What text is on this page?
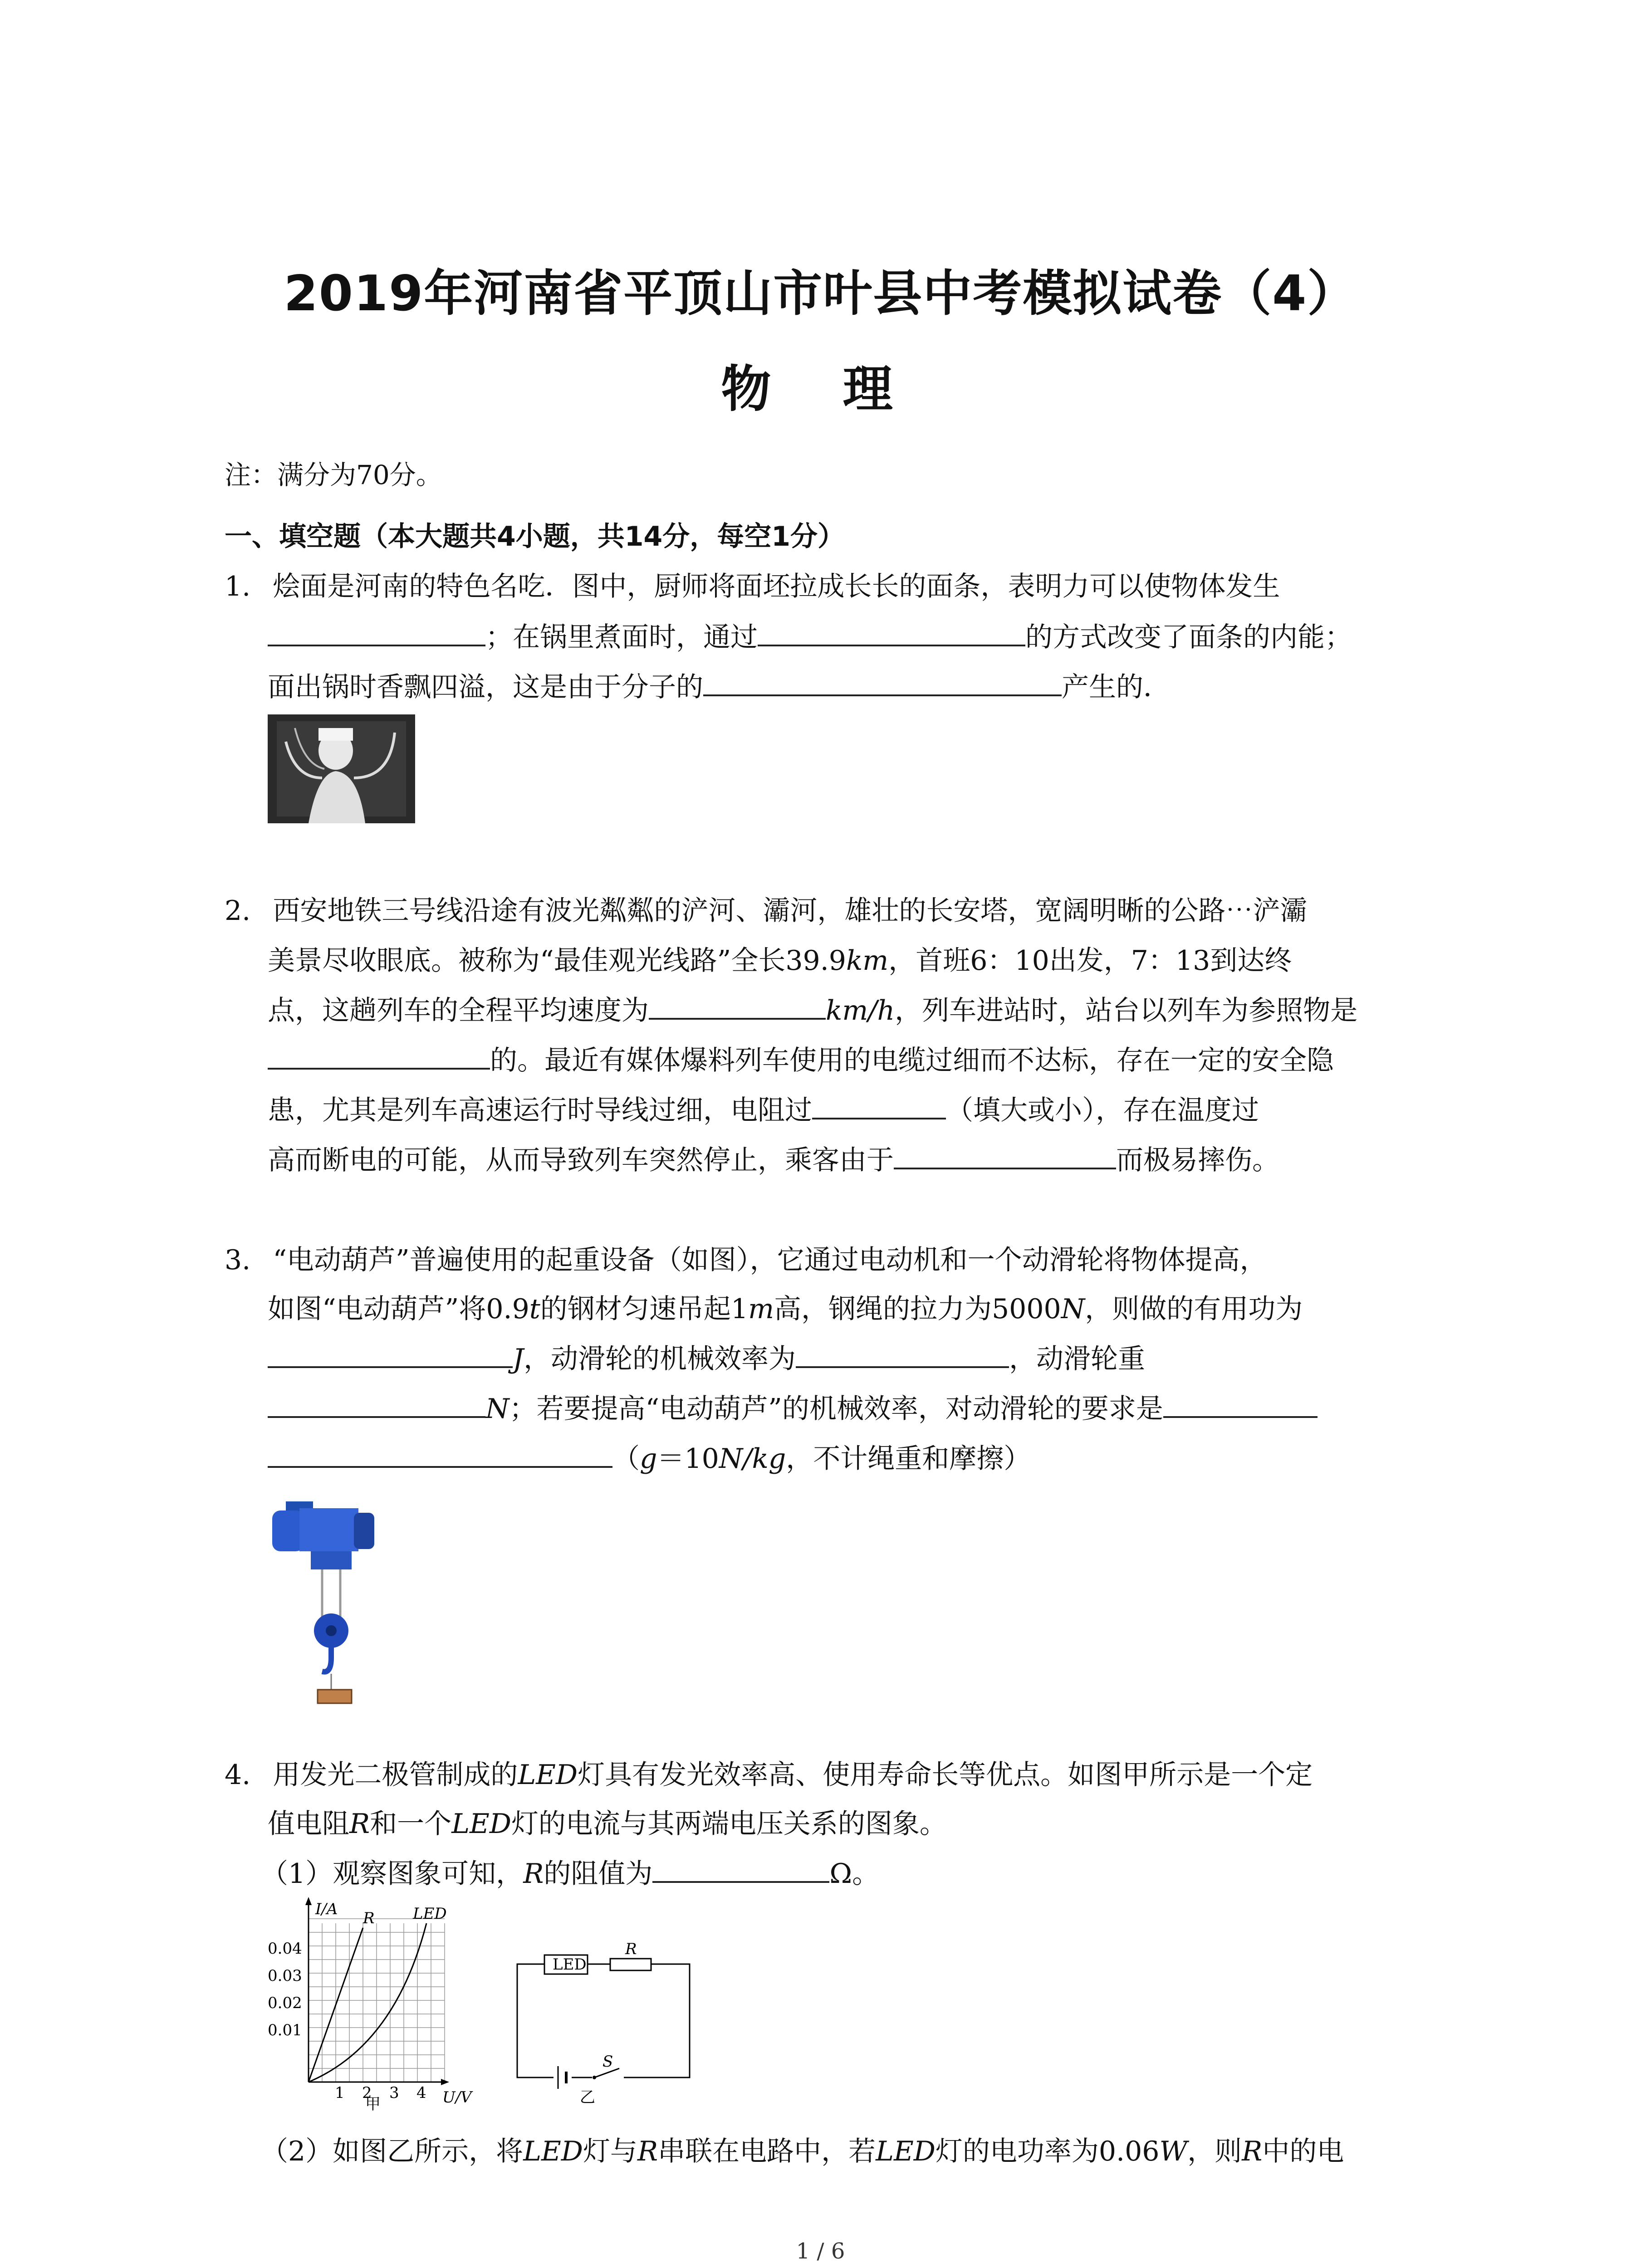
2019年河南省平顶山市叶县中考模拟试卷（4）
物 理
注：满分为70分。
一、填空题（本大题共4小题，共14分，每空1分）
1. 烩面是河南的特色名吃．图中，厨师将面坯拉成长长的面条，表明力可以使物体发生
；在锅里煮面时，通过	的方式改变了面条的内能；
面出锅时香飘四溢，这是由于分子的	产生的．
2. 西安地铁三号线沿途有波光粼粼的浐河、灞河，雄壮的长安塔，宽阔明晰的公路⋯浐灞
美景尽收眼底。被称为“最佳观光线路”全长39.9km，首班6：10出发，7：13到达终
点，这趟列车的全程平均速度为	km/h，列车进站时，站台以列车为参照物是
的。最近有媒体爆料列车使用的电缆过细而不达标，存在一定的安全隐
患，尤其是列车高速运行时导线过细，电阻过	（填大或小），存在温度过
高而断电的可能，从而导致列车突然停止，乘客由于	而极易摔伤。
3. “电动葫芦”普遍使用的起重设备（如图），它通过电动机和一个动滑轮将物体提高，
如图“电动葫芦”将0.9t的钢材匀速吊起1m高，钢绳的拉力为5000N，则做的有用功为
J，动滑轮的机械效率为	，动滑轮重
N；若要提高“电动葫芦”的机械效率，对动滑轮的要求是
（g＝10N/kg，不计绳重和摩擦）
4. 用发光二极管制成的LED灯具有发光效率高、使用寿命长等优点。如图甲所示是一个定
值电阻R和一个LED灯的电流与其两端电压关系的图象。
（1）观察图象可知，R的阻值为	Ω。
I/A
U/V
0.04
0.03
0.02
0.01
1 2 3 4
R LED
甲
LED
R
S
乙
（2）如图乙所示，将LED灯与R串联在电路中，若LED灯的电功率为0.06W，则R中的电
1 / 6
